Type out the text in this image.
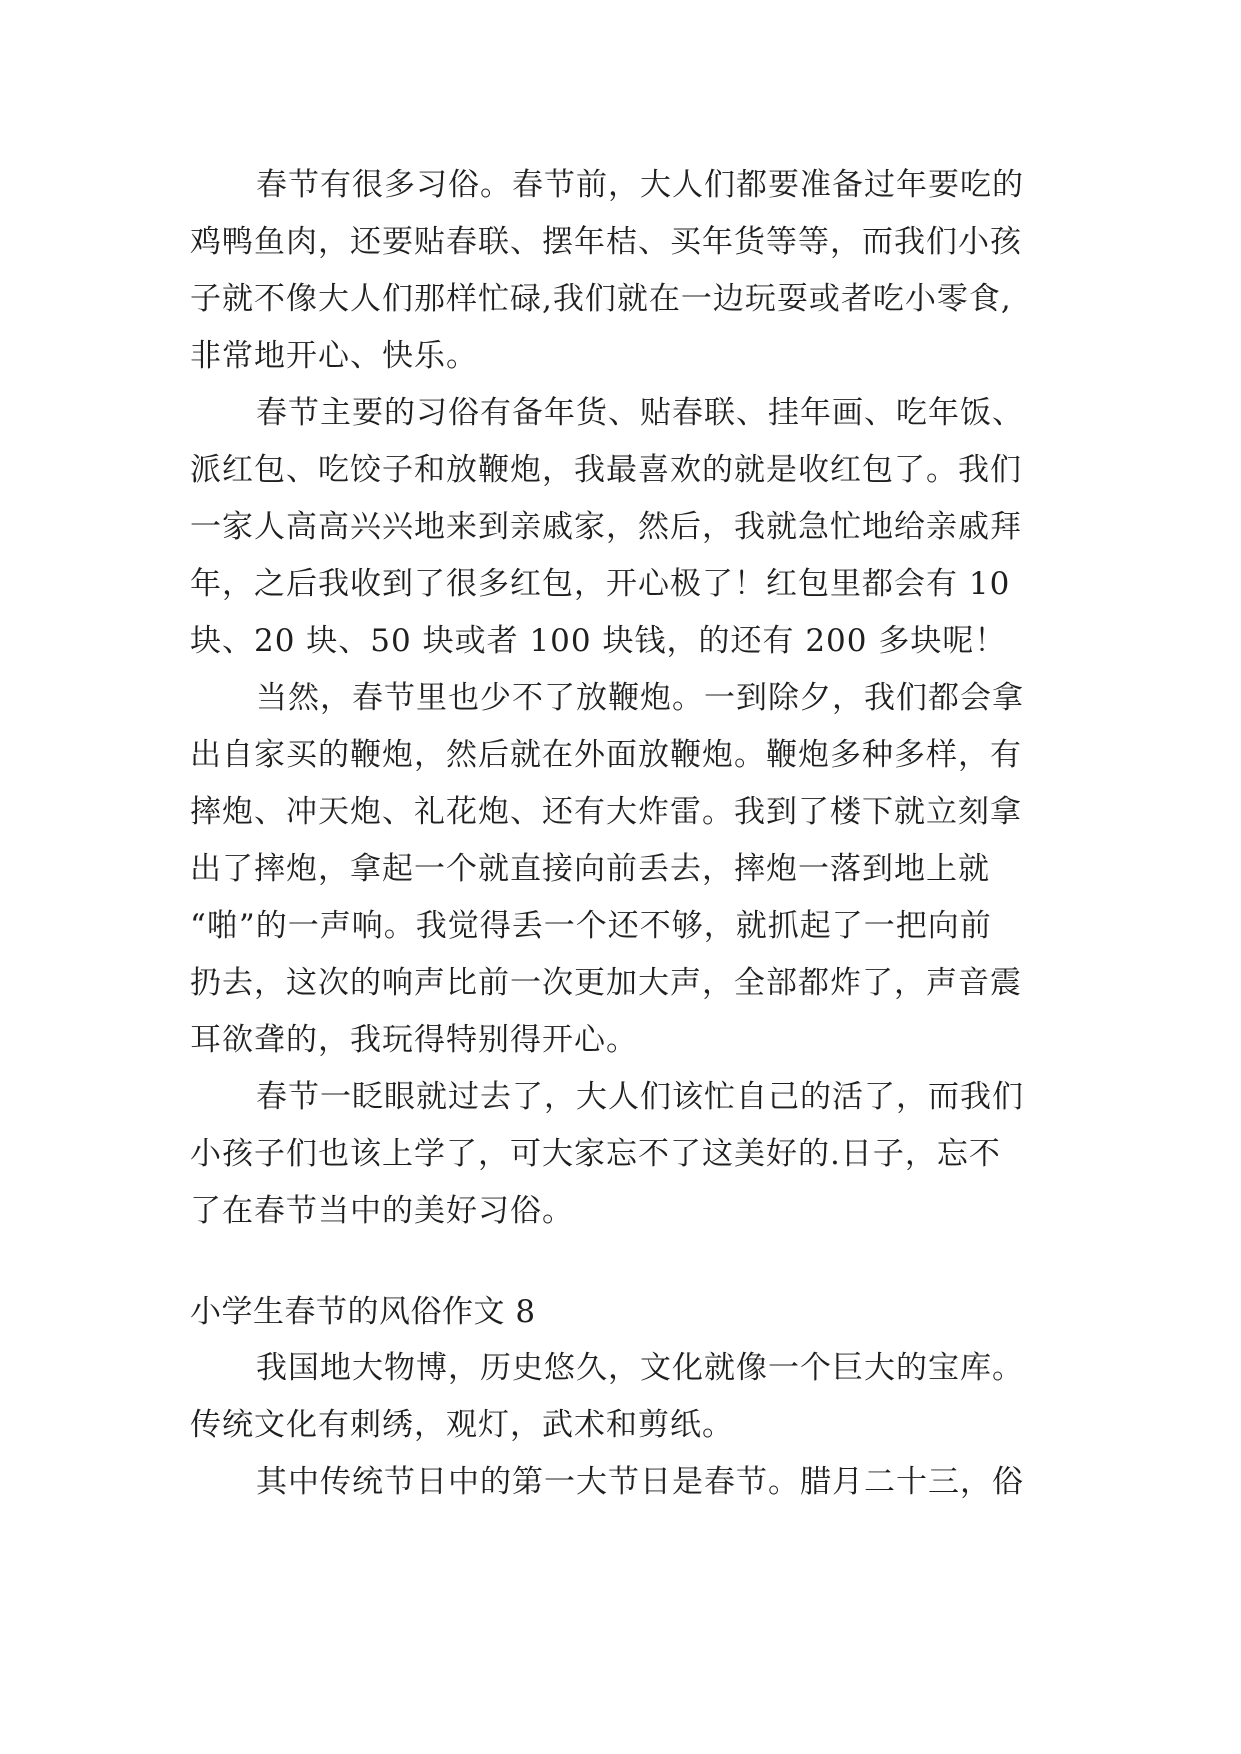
春节有很多习俗。春节前，大人们都要准备过年要吃的

鸡鸭鱼肉，还要贴春联、摆年桔、买年货等等，而我们小孩

子就不像大人们那样忙碌,我们就在一边玩耍或者吃小零食,

非常地开心、快乐。

春节主要的习俗有备年货、贴春联、挂年画、吃年饭、

派红包、吃饺子和放鞭炮，我最喜欢的就是收红包了。我们

一家人高高兴兴地来到亲戚家，然后，我就急忙地给亲戚拜

年，之后我收到了很多红包，开心极了！红包里都会有 10

块、20 块、50 块或者 100 块钱，的还有 200 多块呢！

当然，春节里也少不了放鞭炮。一到除夕，我们都会拿

出自家买的鞭炮，然后就在外面放鞭炮。鞭炮多种多样，有

摔炮、冲天炮、礼花炮、还有大炸雷。我到了楼下就立刻拿

出了摔炮，拿起一个就直接向前丢去，摔炮一落到地上就

“啪”的一声响。我觉得丢一个还不够，就抓起了一把向前

扔去，这次的响声比前一次更加大声，全部都炸了，声音震

耳欲聋的，我玩得特别得开心。

春节一眨眼就过去了，大人们该忙自己的活了，而我们

小孩子们也该上学了，可大家忘不了这美好的.日子，忘不

了在春节当中的美好习俗。

小学生春节的风俗作文 8

我国地大物博，历史悠久，文化就像一个巨大的宝库。

传统文化有刺绣，观灯，武术和剪纸。

其中传统节日中的第一大节日是春节。腊月二十三，俗
